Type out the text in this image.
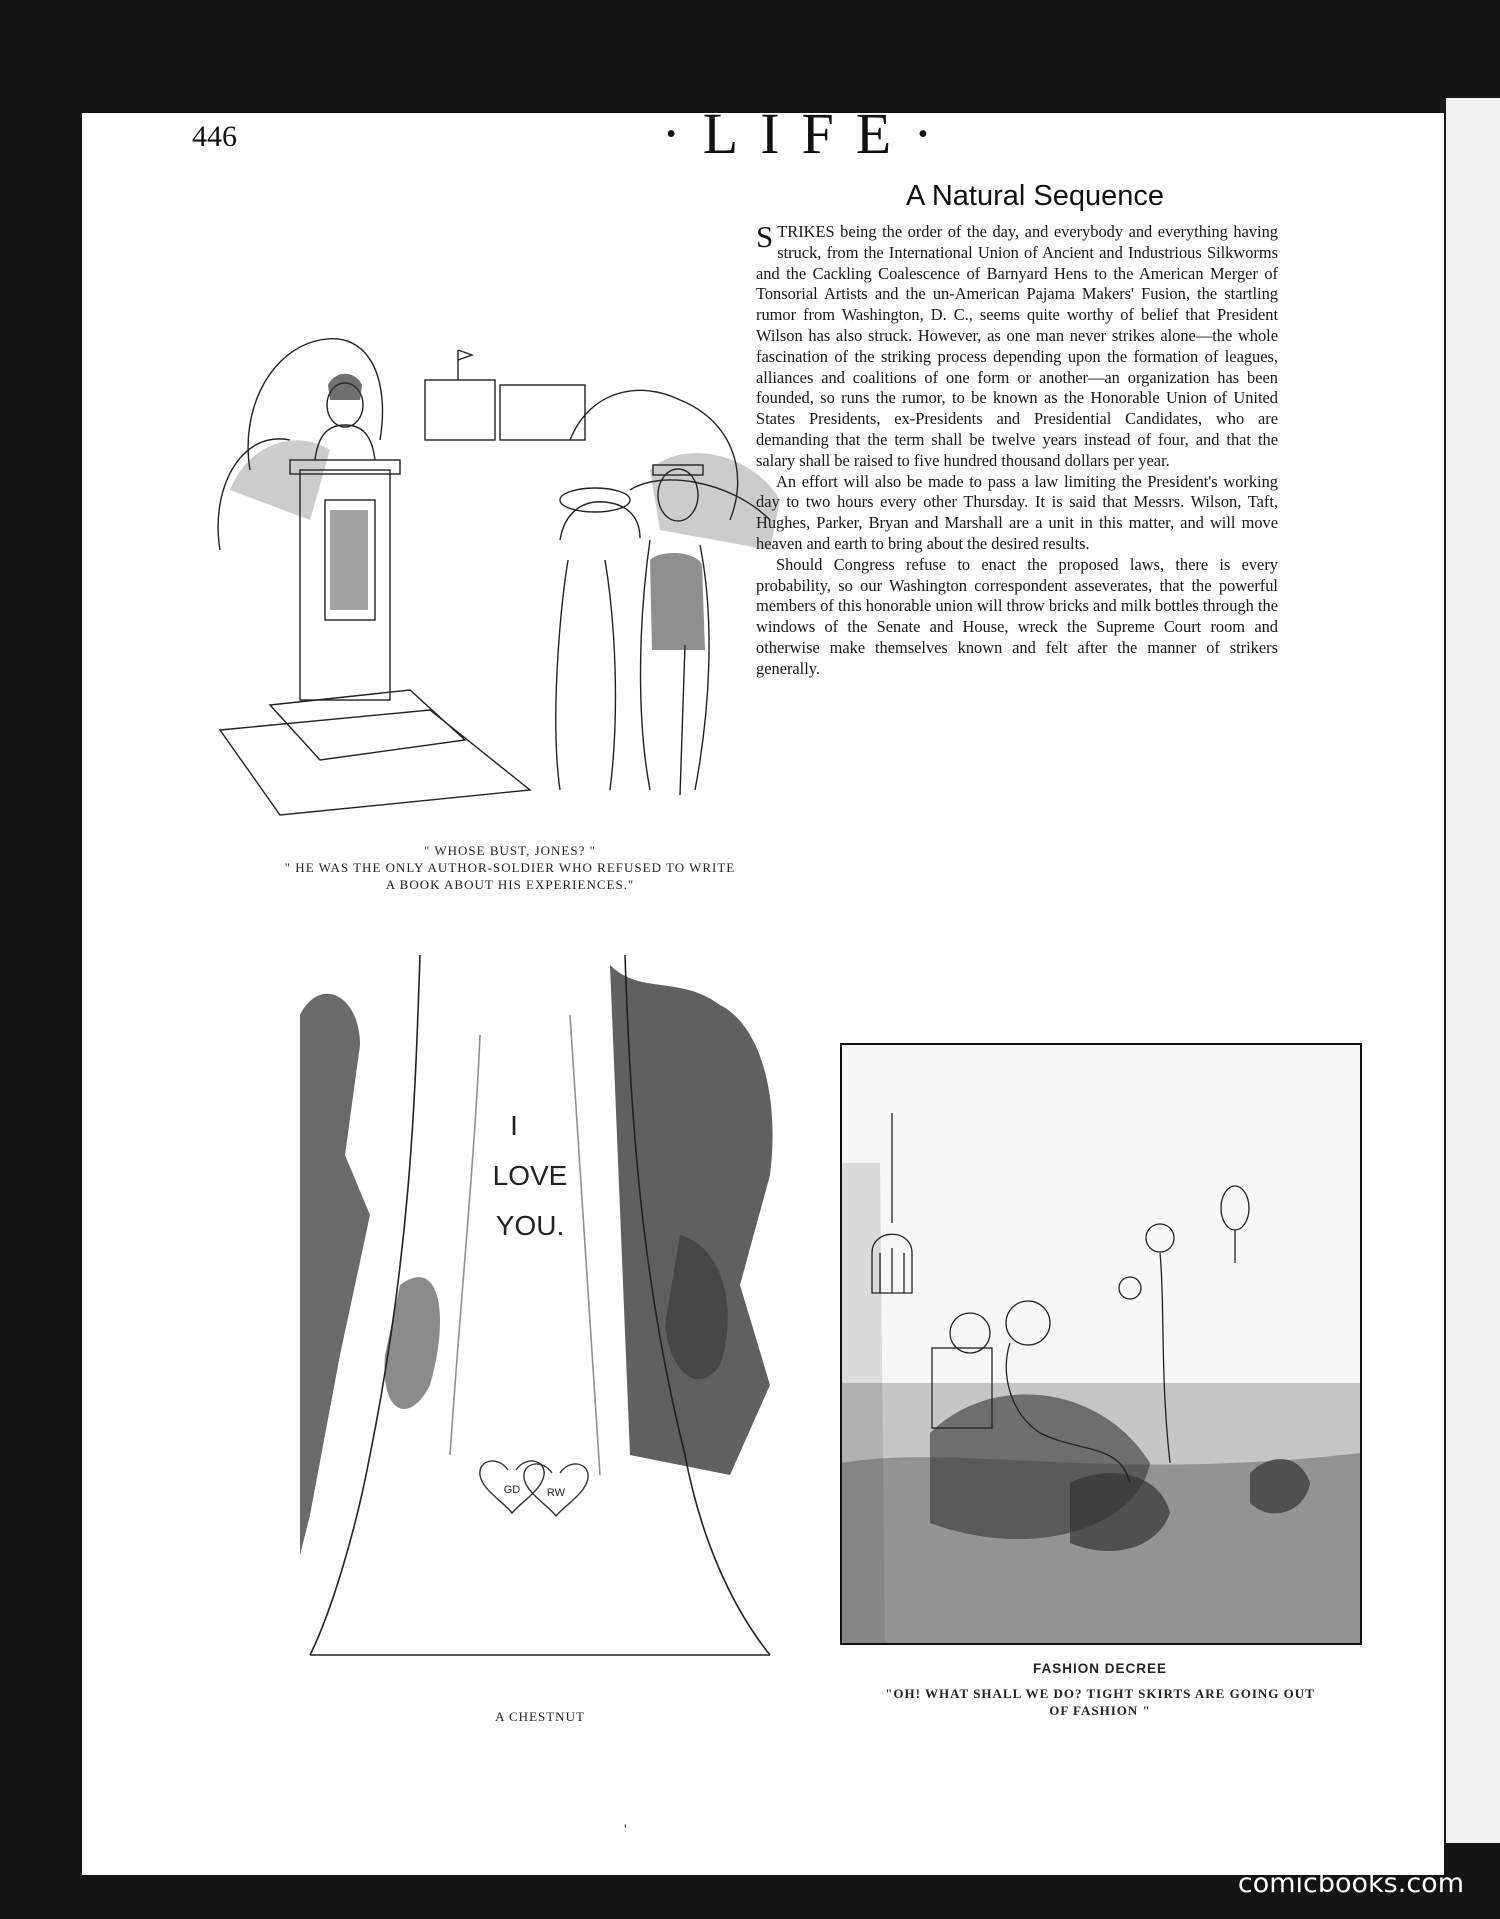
446	·LIFE·
A Natural Sequence

STRIKES being the order of the day, and everybody and everything having struck, from the International Union of Ancient and Industrious Silkworms and the Cackling Coalescence of Barnyard Hens to the American Merger of Tonsorial Artists and the un-American Pajama Makers' Fusion, the startling rumor from Washington, D. C., seems quite worthy of belief that President Wilson has also struck. However, as one man never strikes alone—the whole fascination of the striking process depending upon the formation of leagues, alliances and coalitions of one form or another—an organization has been founded, so runs the rumor, to be known as the Honorable Union of United States Presidents, ex-Presidents and Presidential Candidates, who are demanding that the term shall be twelve years instead of four, and that the salary shall be raised to five hundred thousand dollars per year.

An effort will also be made to pass a law limiting the President's working day to two hours every other Thursday. It is said that Messrs. Wilson, Taft, Hughes, Parker, Bryan and Marshall are a unit in this matter, and will move heaven and earth to bring about the desired results.

Should Congress refuse to enact the proposed laws, there is every probability, so our Washington correspondent asseverates, that the powerful members of this honorable union will throw bricks and milk bottles through the windows of the Senate and House, wreck the Supreme Court room and otherwise make themselves known and felt after the manner of strikers generally.

" WHOSE BUST, JONES? "
" HE WAS THE ONLY AUTHOR-SOLDIER WHO REFUSED TO WRITE
A BOOK ABOUT HIS EXPERIENCES."
I
LOVE
YOU.
GD RW
A CHESTNUT
FASHION DECREE
"OH! WHAT SHALL WE DO? TIGHT SKIRTS ARE GOING OUT
OF FASHION "
'
comicbooks.com
